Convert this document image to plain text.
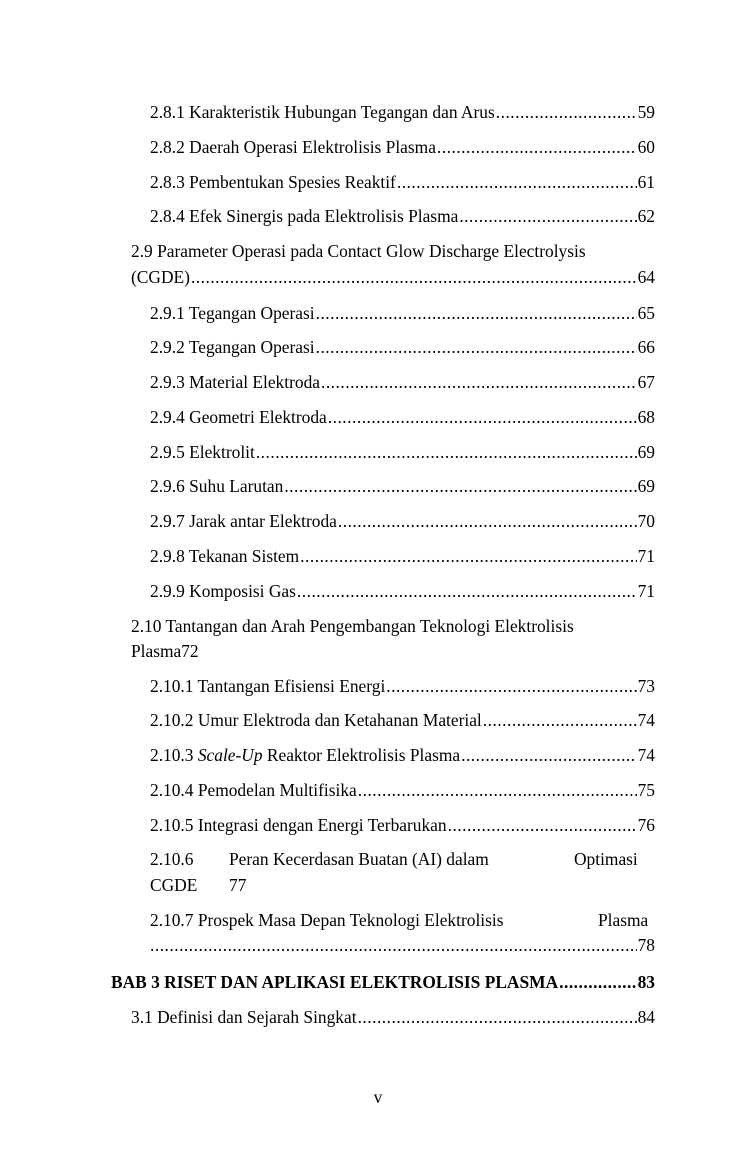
2.8.1 Karakteristik Hubungan Tegangan dan Arus .....	59
2.8.2 Daerah Operasi Elektrolisis Plasma .....	60
2.8.3 Pembentukan Spesies Reaktif .....	61
2.8.4 Efek Sinergis pada Elektrolisis Plasma .....	62
2.9 Parameter Operasi pada Contact Glow Discharge Electrolysis
(CGDE) .....	64
2.9.1 Tegangan Operasi .....	65
2.9.2 Tegangan Operasi .....	66
2.9.3 Material Elektroda .....	67
2.9.4 Geometri Elektroda .....	68
2.9.5 Elektrolit .....	69
2.9.6 Suhu Larutan .....	69
2.9.7 Jarak antar Elektroda .....	70
2.9.8 Tekanan Sistem .....	71
2.9.9 Komposisi Gas .....	71
2.10 Tantangan dan Arah Pengembangan Teknologi Elektrolisis
Plasma72
2.10.1 Tantangan Efisiensi Energi .....	73
2.10.2 Umur Elektroda dan Ketahanan Material .....	74
2.10.3 Scale-Up Reaktor Elektrolisis Plasma .....	74
2.10.4 Pemodelan Multifisika .....	75
2.10.5 Integrasi dengan Energi Terbarukan .....	76
2.10.6 Peran Kecerdasan Buatan (AI) dalam	Optimasi
CGDE 77
2.10.7 Prospek Masa Depan Teknologi Elektrolisis	Plasma
.....
78
BAB 3 RISET DAN APLIKASI ELEKTROLISIS PLASMA .....	83
3.1 Definisi dan Sejarah Singkat .....	84
v
